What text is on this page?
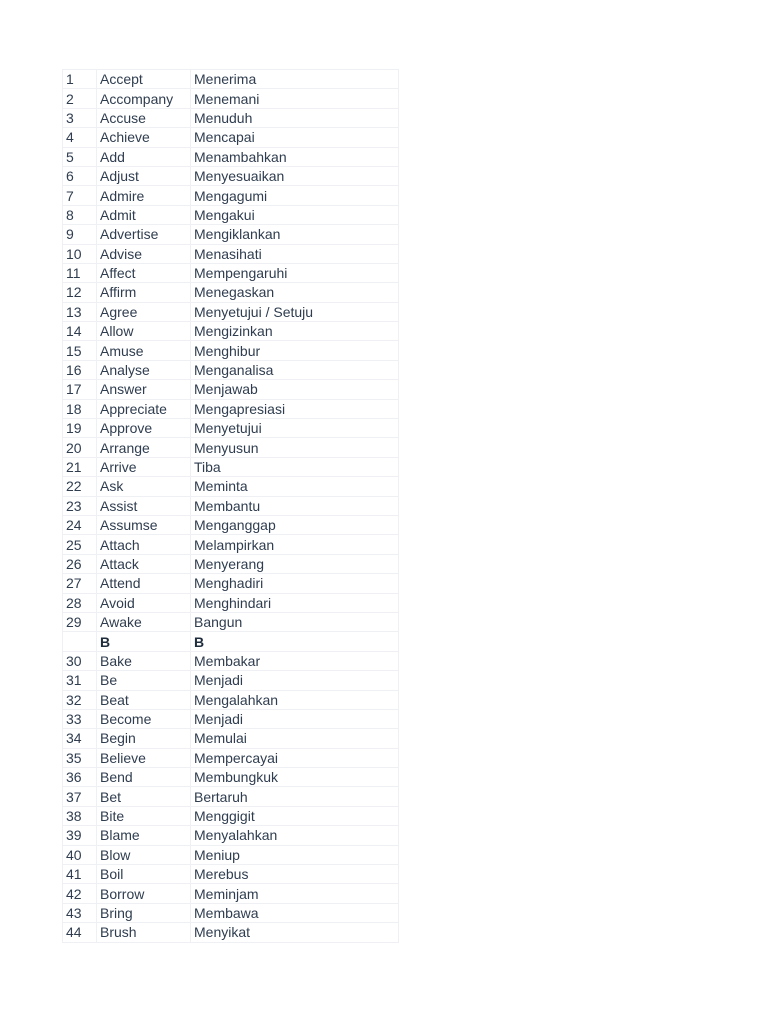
1	Accept	Menerima
2	Accompany	Menemani
3	Accuse	Menuduh
4	Achieve	Mencapai
5	Add	Menambahkan
6	Adjust	Menyesuaikan
7	Admire	Mengagumi
8	Admit	Mengakui
9	Advertise	Mengiklankan
10	Advise	Menasihati
11	Affect	Mempengaruhi
12	Affirm	Menegaskan
13	Agree	Menyetujui / Setuju
14	Allow	Mengizinkan
15	Amuse	Menghibur
16	Analyse	Menganalisa
17	Answer	Menjawab
18	Appreciate	Mengapresiasi
19	Approve	Menyetujui
20	Arrange	Menyusun
21	Arrive	Tiba
22	Ask	Meminta
23	Assist	Membantu
24	Assumse	Menganggap
25	Attach	Melampirkan
26	Attack	Menyerang
27	Attend	Menghadiri
28	Avoid	Menghindari
29	Awake	Bangun
	B	B
30	Bake	Membakar
31	Be	Menjadi
32	Beat	Mengalahkan
33	Become	Menjadi
34	Begin	Memulai
35	Believe	Mempercayai
36	Bend	Membungkuk
37	Bet	Bertaruh
38	Bite	Menggigit
39	Blame	Menyalahkan
40	Blow	Meniup
41	Boil	Merebus
42	Borrow	Meminjam
43	Bring	Membawa
44	Brush	Menyikat
